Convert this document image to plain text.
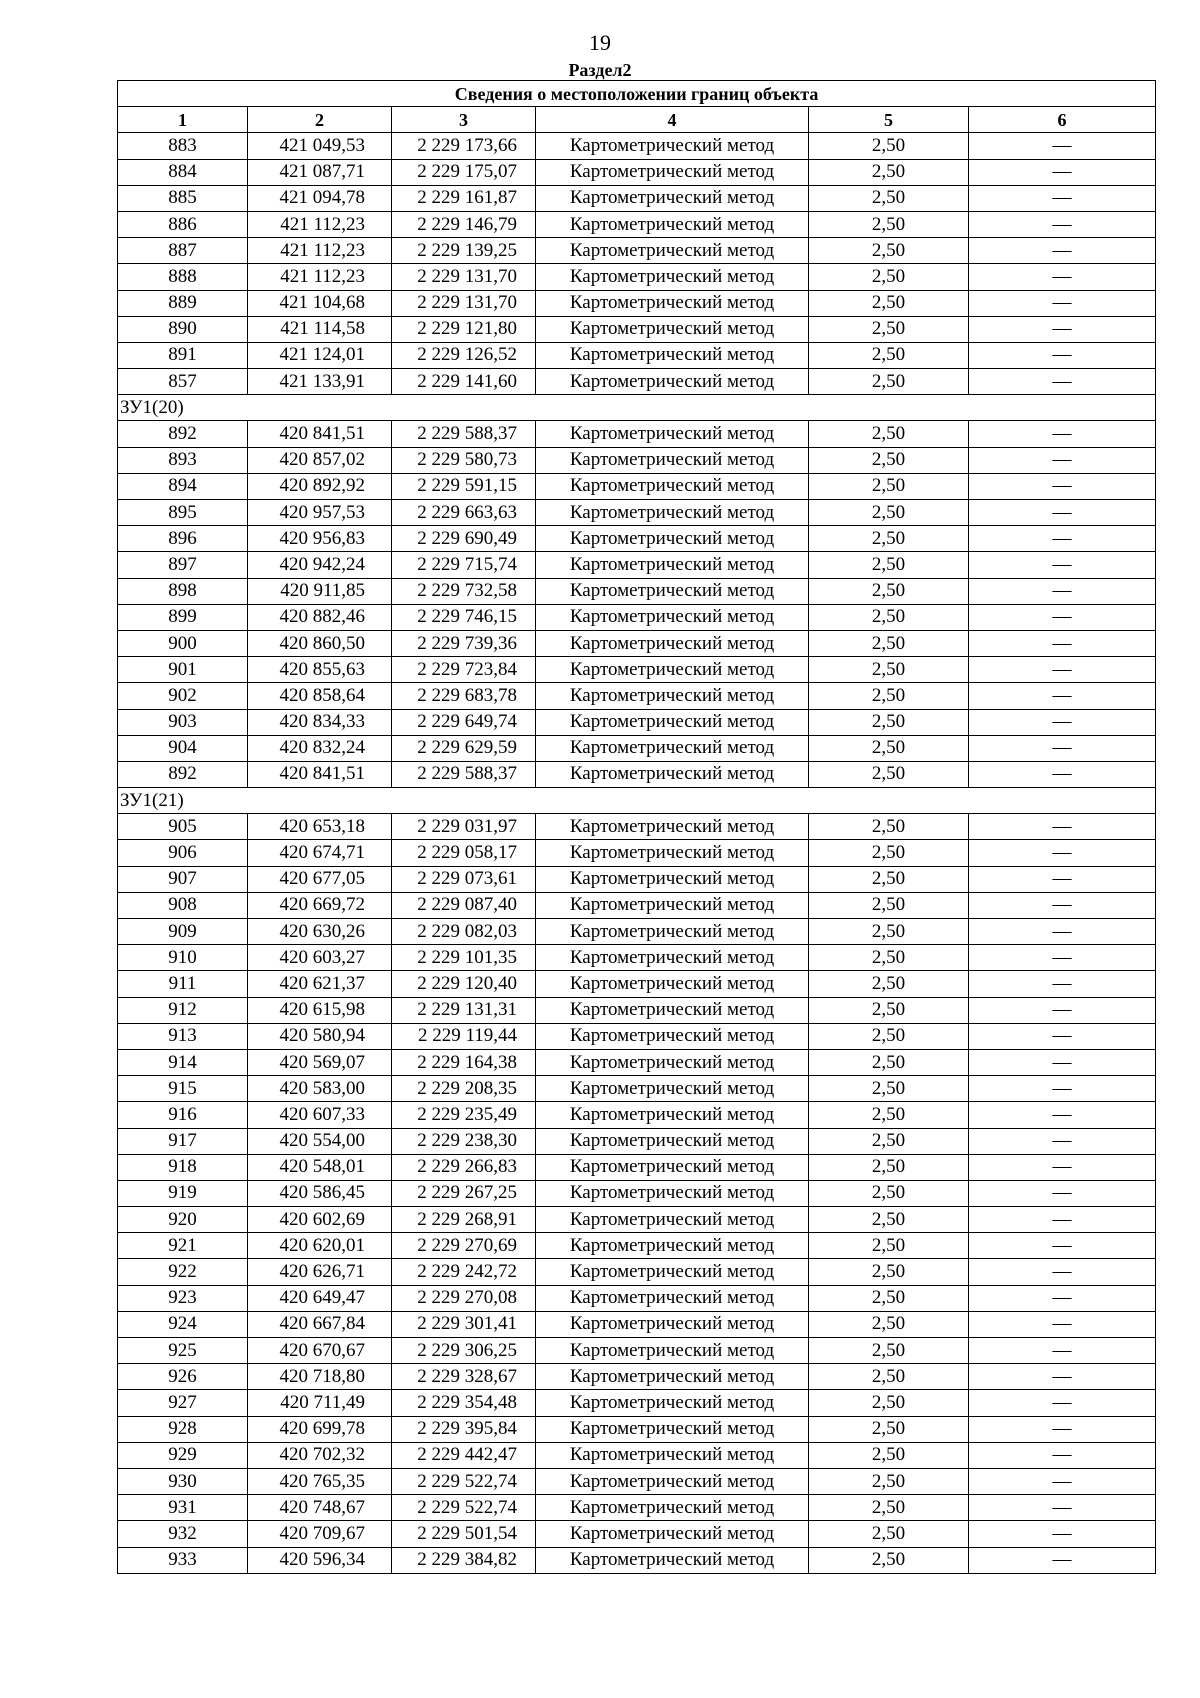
19
Раздел2
Сведения о местоположении границ объекта					
1	2	3	4	5	6
883	421 049,53	2 229 173,66	Картометрический метод	2,50	—
884	421 087,71	2 229 175,07	Картометрический метод	2,50	—
885	421 094,78	2 229 161,87	Картометрический метод	2,50	—
886	421 112,23	2 229 146,79	Картометрический метод	2,50	—
887	421 112,23	2 229 139,25	Картометрический метод	2,50	—
888	421 112,23	2 229 131,70	Картометрический метод	2,50	—
889	421 104,68	2 229 131,70	Картометрический метод	2,50	—
890	421 114,58	2 229 121,80	Картометрический метод	2,50	—
891	421 124,01	2 229 126,52	Картометрический метод	2,50	—
857	421 133,91	2 229 141,60	Картометрический метод	2,50	—
ЗУ1(20)					
892	420 841,51	2 229 588,37	Картометрический метод	2,50	—
893	420 857,02	2 229 580,73	Картометрический метод	2,50	—
894	420 892,92	2 229 591,15	Картометрический метод	2,50	—
895	420 957,53	2 229 663,63	Картометрический метод	2,50	—
896	420 956,83	2 229 690,49	Картометрический метод	2,50	—
897	420 942,24	2 229 715,74	Картометрический метод	2,50	—
898	420 911,85	2 229 732,58	Картометрический метод	2,50	—
899	420 882,46	2 229 746,15	Картометрический метод	2,50	—
900	420 860,50	2 229 739,36	Картометрический метод	2,50	—
901	420 855,63	2 229 723,84	Картометрический метод	2,50	—
902	420 858,64	2 229 683,78	Картометрический метод	2,50	—
903	420 834,33	2 229 649,74	Картометрический метод	2,50	—
904	420 832,24	2 229 629,59	Картометрический метод	2,50	—
892	420 841,51	2 229 588,37	Картометрический метод	2,50	—
ЗУ1(21)					
905	420 653,18	2 229 031,97	Картометрический метод	2,50	—
906	420 674,71	2 229 058,17	Картометрический метод	2,50	—
907	420 677,05	2 229 073,61	Картометрический метод	2,50	—
908	420 669,72	2 229 087,40	Картометрический метод	2,50	—
909	420 630,26	2 229 082,03	Картометрический метод	2,50	—
910	420 603,27	2 229 101,35	Картометрический метод	2,50	—
911	420 621,37	2 229 120,40	Картометрический метод	2,50	—
912	420 615,98	2 229 131,31	Картометрический метод	2,50	—
913	420 580,94	2 229 119,44	Картометрический метод	2,50	—
914	420 569,07	2 229 164,38	Картометрический метод	2,50	—
915	420 583,00	2 229 208,35	Картометрический метод	2,50	—
916	420 607,33	2 229 235,49	Картометрический метод	2,50	—
917	420 554,00	2 229 238,30	Картометрический метод	2,50	—
918	420 548,01	2 229 266,83	Картометрический метод	2,50	—
919	420 586,45	2 229 267,25	Картометрический метод	2,50	—
920	420 602,69	2 229 268,91	Картометрический метод	2,50	—
921	420 620,01	2 229 270,69	Картометрический метод	2,50	—
922	420 626,71	2 229 242,72	Картометрический метод	2,50	—
923	420 649,47	2 229 270,08	Картометрический метод	2,50	—
924	420 667,84	2 229 301,41	Картометрический метод	2,50	—
925	420 670,67	2 229 306,25	Картометрический метод	2,50	—
926	420 718,80	2 229 328,67	Картометрический метод	2,50	—
927	420 711,49	2 229 354,48	Картометрический метод	2,50	—
928	420 699,78	2 229 395,84	Картометрический метод	2,50	—
929	420 702,32	2 229 442,47	Картометрический метод	2,50	—
930	420 765,35	2 229 522,74	Картометрический метод	2,50	—
931	420 748,67	2 229 522,74	Картометрический метод	2,50	—
932	420 709,67	2 229 501,54	Картометрический метод	2,50	—
933	420 596,34	2 229 384,82	Картометрический метод	2,50	—
